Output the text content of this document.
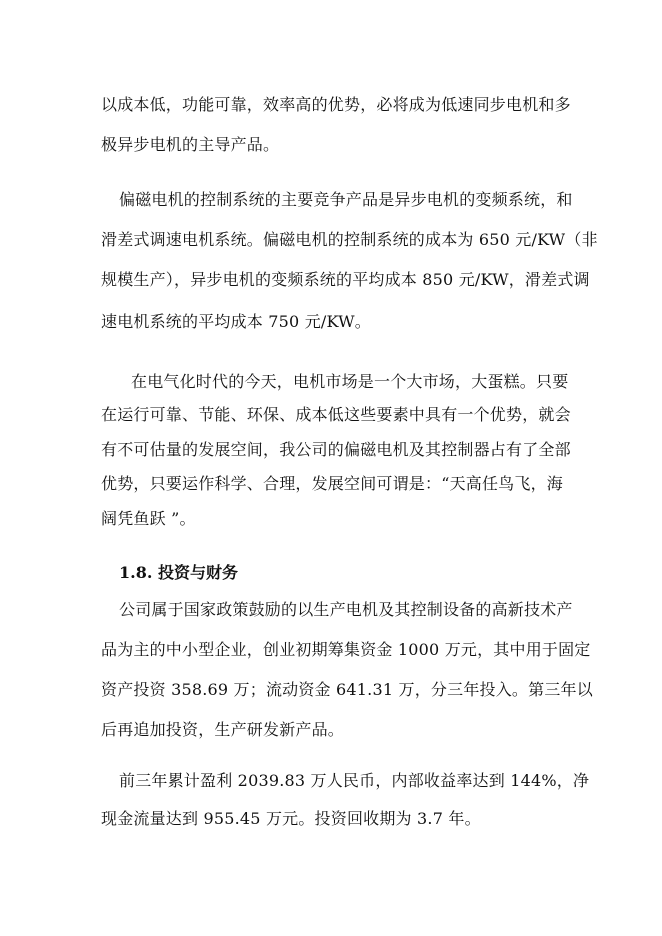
以成本低，功能可靠，效率高的优势，必将成为低速同步电机和多
极异步电机的主导产品。
偏磁电机的控制系统的主要竞争产品是异步电机的变频系统，和
滑差式调速电机系统。偏磁电机的控制系统的成本为 650 元/KW（非
规模生产），异步电机的变频系统的平均成本 850 元/KW，滑差式调
速电机系统的平均成本 750 元/KW。
在电气化时代的今天，电机市场是一个大市场，大蛋糕。只要
在运行可靠、节能、环保、成本低这些要素中具有一个优势，就会
有不可估量的发展空间，我公司的偏磁电机及其控制器占有了全部
优势，只要运作科学、合理，发展空间可谓是：“天高任鸟飞，海
阔凭鱼跃 ”。
1.8. 投资与财务
公司属于国家政策鼓励的以生产电机及其控制设备的高新技术产
品为主的中小型企业，创业初期筹集资金 1000 万元，其中用于固定
资产投资 358.69 万；流动资金 641.31 万，分三年投入。第三年以
后再追加投资，生产研发新产品。
前三年累计盈利 2039.83 万人民币，内部收益率达到 144%，净
现金流量达到 955.45 万元。投资回收期为 3.7 年。
